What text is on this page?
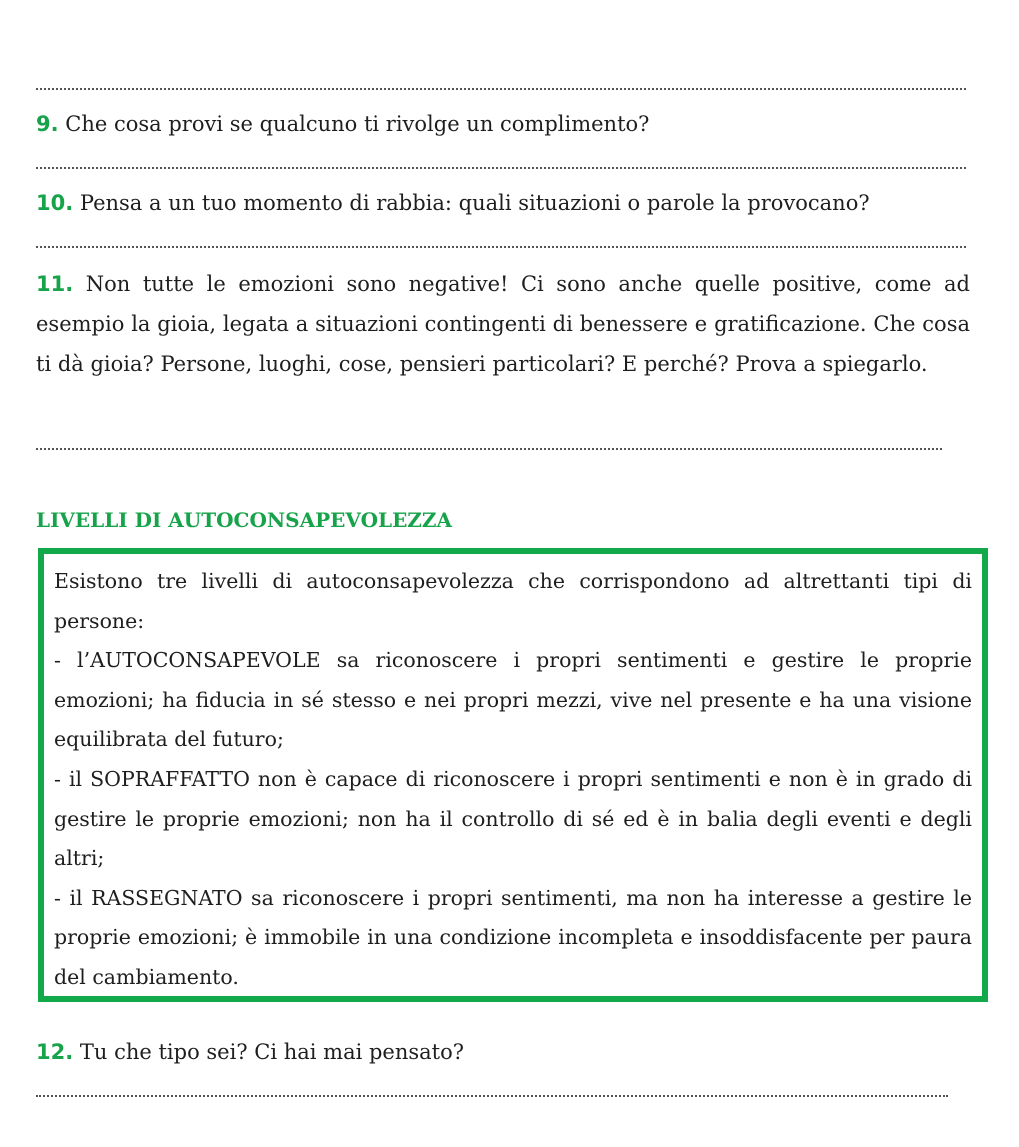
9. Che cosa provi se qualcuno ti rivolge un complimento?

10. Pensa a un tuo momento di rabbia: quali situazioni o parole la provocano?

11. Non tutte le emozioni sono negative! Ci sono anche quelle positive, come ad esempio la gioia, legata a situazioni contingenti di benessere e gratificazione. Che cosa ti dà gioia? Persone, luoghi, cose, pensieri particolari? E perché? Prova a spiegarlo.

LIVELLI DI AUTOCONSAPEVOLEZZA

Esistono tre livelli di autoconsapevolezza che corrispondono ad altrettanti tipi di persone:

- l’AUTOCONSAPEVOLE sa riconoscere i propri sentimenti e gestire le proprie emozioni; ha fiducia in sé stesso e nei propri mezzi, vive nel presente e ha una visione equilibrata del futuro;

- il SOPRAFFATTO non è capace di riconoscere i propri sentimenti e non è in grado di gestire le proprie emozioni; non ha il controllo di sé ed è in balia degli eventi e degli altri;

- il RASSEGNATO sa riconoscere i propri sentimenti, ma non ha interesse a gestire le proprie emozioni; è immobile in una condizione incompleta e insoddisfacente per paura del cambiamento.

12. Tu che tipo sei? Ci hai mai pensato?
